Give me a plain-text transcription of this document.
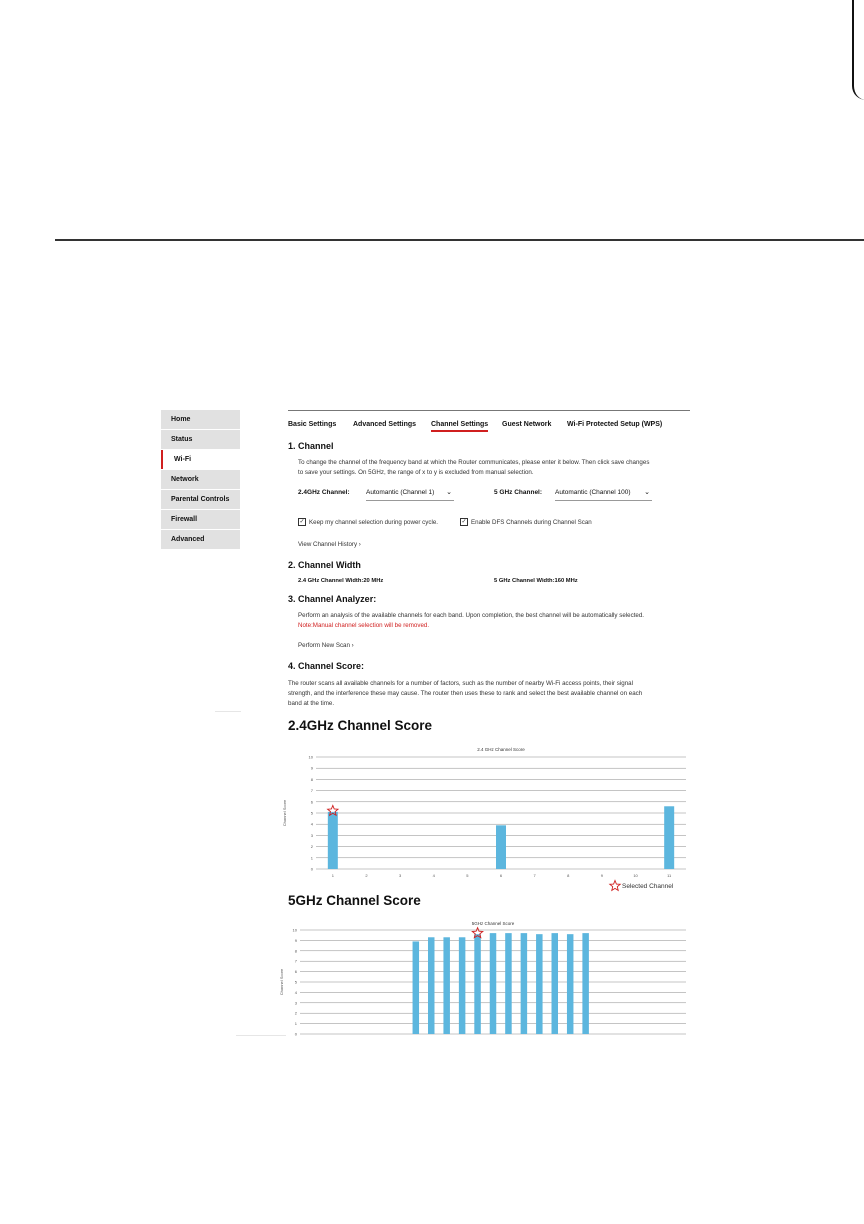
Home
Status
Wi-Fi
Network
Parental Controls
Firewall
Advanced
Basic Settings Advanced Settings Channel Settings Guest Network Wi-Fi Protected Setup (WPS)
1. Channel
To change the channel of the frequency band at which the Router communicates, please enter it below. Then click save changes
to save your settings. On 5GHz, the range of x to y is excluded from manual selection.
2.4GHz Channel:	Automantic (Channel 1) ⌄	5 GHz Channel: Automantic (Channel 100) ⌄
✓ Keep my channel selection during power cycle.	✓ Enable DFS Channels during Channel Scan
View Channel History ›
2. Channel Width
2.4 GHz Channel Width:20 MHz	5 GHz Channel Width:160 MHz
3. Channel Analyzer:
Perform an analysis of the available channels for each band. Upon completion, the best channel will be automatically selected.
Note:Manual channel selection will be removed.
Perform New Scan ›
4. Channel Score:
The router scans all available channels for a number of factors, such as the number of nearby Wi-Fi access points, their signal
strength, and the interference these may cause. The router then uses these to rank and select the best available channel on each
band at the time.
2.4GHz Channel Score
2.4 GHz Channel Score
0
1
2
3
4
5
6
7
8
9
10
Channel Score
1	2	3	4	5	6	7	8	9	10	11
Selected Channel
5GHz Channel Score
5GHz Channel Score
0
1
2
3
4
5
6
7
8
9
10
Channel Score
